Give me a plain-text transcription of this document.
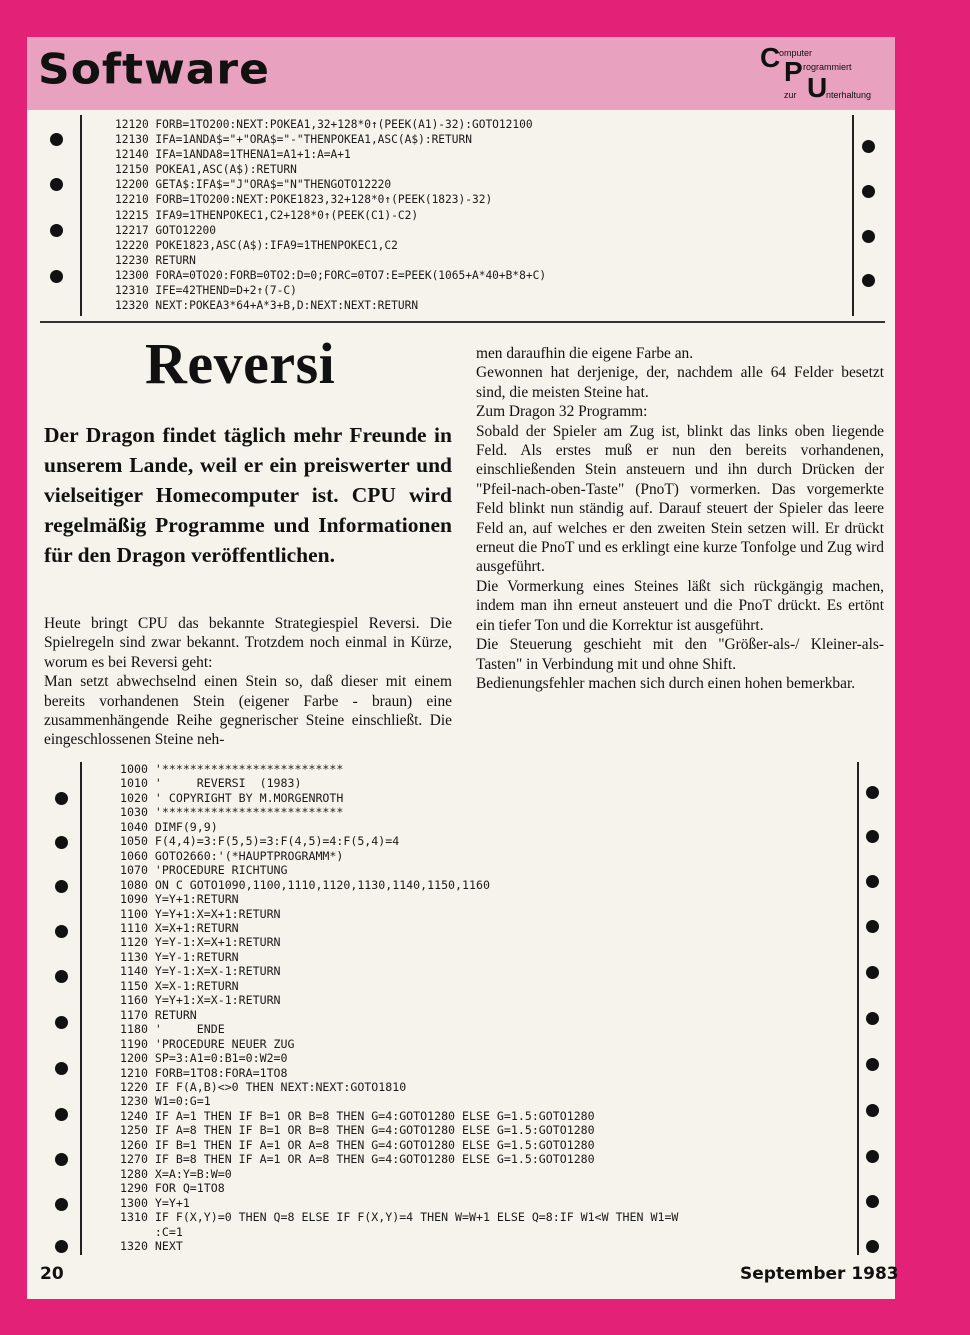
Software	C
omputer
P rogrammiert
zur U
nterhaltung
12120 FORB=1TO200:NEXT:POKEA1,32+128*0↑(PEEK(A1)-32):GOTO12100
12130 IFA=1ANDA$="+"ORA$="-"THENPOKEA1,ASC(A$):RETURN
12140 IFA=1ANDA8=1THENA1=A1+1:A=A+1
12150 POKEA1,ASC(A$):RETURN
12200 GETA$:IFA$="J"ORA$="N"THENGOTO12220
12210 FORB=1TO200:NEXT:POKE1823,32+128*0↑(PEEK(1823)-32)
12215 IFA9=1THENPOKEC1,C2+128*0↑(PEEK(C1)-C2)
12217 GOTO12200
12220 POKE1823,ASC(A$):IFA9=1THENPOKEC1,C2
12230 RETURN
12300 FORA=0TO20:FORB=0TO2:D=0;FORC=0TO7:E=PEEK(1065+A*40+B*8+C)
12310 IFE=42THEND=D+2↑(7-C)
12320 NEXT:POKEA3*64+A*3+B,D:NEXT:NEXT:RETURN

Reversi
Der Dragon findet täglich mehr Freunde in unserem Lande, weil er ein preiswerter und vielseitiger Homecomputer ist. CPU wird regelmäßig Programme und Informationen für den Dragon veröffentlichen.

Heute bringt CPU das bekannte Strategiespiel Reversi. Die Spielregeln sind zwar bekannt. Trotzdem noch einmal in Kürze, worum es bei Reversi geht:

Man setzt abwechselnd einen Stein so, daß dieser mit einem bereits vorhandenen Stein (eigener Farbe - braun) eine zusammenhängende Reihe gegnerischer Steine einschließt. Die eingeschlossenen Steine neh-

men daraufhin die eigene Farbe an.

Gewonnen hat derjenige, der, nachdem alle 64 Felder besetzt sind, die meisten Steine hat.

Zum Dragon 32 Programm:

Sobald der Spieler am Zug ist, blinkt das links oben liegende Feld. Als erstes muß er nun den bereits vorhandenen, einschließenden Stein ansteuern und ihn durch Drücken der "Pfeil-nach-oben-Taste" (PnoT) vormerken. Das vorgemerkte Feld blinkt nun ständig auf. Darauf steuert der Spieler das leere Feld an, auf welches er den zweiten Stein setzen will. Er drückt erneut die PnoT und es erklingt eine kurze Tonfolge und Zug wird ausgeführt.

Die Vormerkung eines Steines läßt sich rückgängig machen, indem man ihn erneut ansteuert und die PnoT drückt. Es ertönt ein tiefer Ton und die Korrektur ist ausgeführt.

Die Steuerung geschieht mit den "Größer-als-/ Kleiner-als-Tasten" in Verbindung mit und ohne Shift.

Bedienungsfehler machen sich durch einen hohen bemerkbar.

1000 '**************************
1010 '     REVERSI  (1983)
1020 ' COPYRIGHT BY M.MORGENROTH
1030 '**************************
1040 DIMF(9,9)
1050 F(4,4)=3:F(5,5)=3:F(4,5)=4:F(5,4)=4
1060 GOTO2660:'(*HAUPTPROGRAMM*)
1070 'PROCEDURE RICHTUNG
1080 ON C GOTO1090,1100,1110,1120,1130,1140,1150,1160
1090 Y=Y+1:RETURN
1100 Y=Y+1:X=X+1:RETURN
1110 X=X+1:RETURN
1120 Y=Y-1:X=X+1:RETURN
1130 Y=Y-1:RETURN
1140 Y=Y-1:X=X-1:RETURN
1150 X=X-1:RETURN
1160 Y=Y+1:X=X-1:RETURN
1170 RETURN
1180 '     ENDE
1190 'PROCEDURE NEUER ZUG
1200 SP=3:A1=0:B1=0:W2=0
1210 FORB=1TO8:FORA=1TO8
1220 IF F(A,B)<>0 THEN NEXT:NEXT:GOTO1810
1230 W1=0:G=1
1240 IF A=1 THEN IF B=1 OR B=8 THEN G=4:GOTO1280 ELSE G=1.5:GOTO1280
1250 IF A=8 THEN IF B=1 OR B=8 THEN G=4:GOTO1280 ELSE G=1.5:GOTO1280
1260 IF B=1 THEN IF A=1 OR A=8 THEN G=4:GOTO1280 ELSE G=1.5:GOTO1280
1270 IF B=8 THEN IF A=1 OR A=8 THEN G=4:GOTO1280 ELSE G=1.5:GOTO1280
1280 X=A:Y=B:W=0
1290 FOR Q=1TO8
1300 Y=Y+1
1310 IF F(X,Y)=0 THEN Q=8 ELSE IF F(X,Y)=4 THEN W=W+1 ELSE Q=8:IF W1<W THEN W1=W
:C=1
1320 NEXT

20	September 1983
